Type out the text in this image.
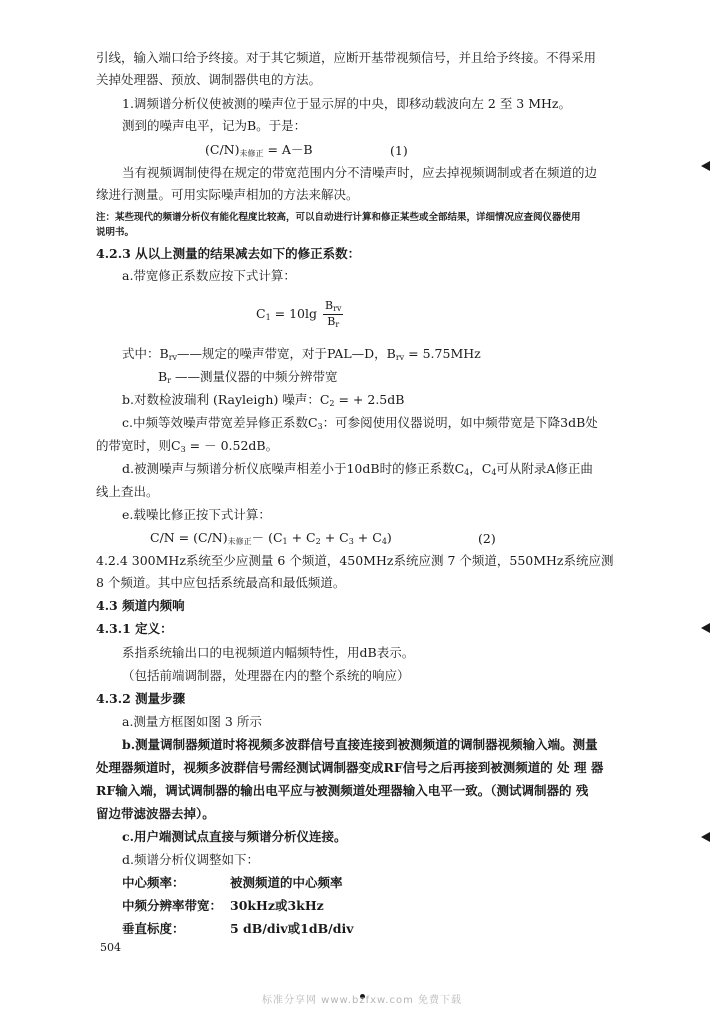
引线，输入端口给予终接。对于其它频道，应断开基带视频信号，并且给予终接。不得采用
关掉处理器、预放、调制器供电的方法。
1.调频谱分析仪使被测的噪声位于显示屏的中央，即移动载波向左 2 至 3 MHz。
测到的噪声电平，记为B。于是：
$(C/N)_{未修正} = A-B$	(1)
当有视频调制使得在规定的带宽范围内分不清噪声时，应去掉视频调制或者在频道的边
缘进行测量。可用实际噪声相加的方法来解决。
注：某些现代的频谱分析仪有能化程度比较高，可以自动进行计算和修正某些或全部结果，详细情况应查阅仪器使用
说明书。
4.2.3 从以上测量的结果减去如下的修正系数：
a.带宽修正系数应按下式计算：
$C_1 = 10\lg \frac{B_{rv}}{B_r}$
式中：$B_{rv}——$规定的噪声带宽，对于PAL—D，$B_{rv} = 5.75MHz$
$B_r$ ——测量仪器的中频分辨带宽
b.对数检波瑞利 (Rayleigh) 噪声：$C_2$ = + 2.5dB
c.中频等效噪声带宽差异修正系数$C_3$：可参阅使用仪器说明，如中频带宽是下降3dB处
的带宽时，则$C_3$ = － 0.52dB。
d.被测噪声与频谱分析仪底噪声相差小于10dB时的修正系数$C_4$，$C_4$可从附录A修正曲
线上查出。
e.载噪比修正按下式计算：
$C/N = (C/N)_{未修正}- (C_1 + C_2 + C_3 + C_4)$	(2)
4.2.4 300MHz系统至少应测量 6 个频道，450MHz系统应测 7 个频道，550MHz系统应测
8 个频道。其中应包括系统最高和最低频道。
4.3 频道内频响
4.3.1 定义：
系指系统输出口的电视频道内幅频特性，用dB表示。
（包括前端调制器，处理器在内的整个系统的响应）
4.3.2 测量步骤
a.测量方框图如图 3 所示
b.测量调制器频道时将视频多波群信号直接连接到被测频道的调制器视频输入端。测量
处理器频道时，视频多波群信号需经测试调制器变成RF信号之后再接到被测频道的 处 理 器
RF输入端，调试调制器的输出电平应与被测频道处理器输入电平一致。（测试调制器的 残
留边带滤波器去掉）。
c.用户端测试点直接与频谱分析仪连接。
d.频谱分析仪调整如下：
中心频率：	被测频道的中心频率
中频分辨率带宽： 30kHz或3kHz
垂直标度：	5 dB/div或1dB/div
504
标准分享网 www.bzfxw.com 免费下载
